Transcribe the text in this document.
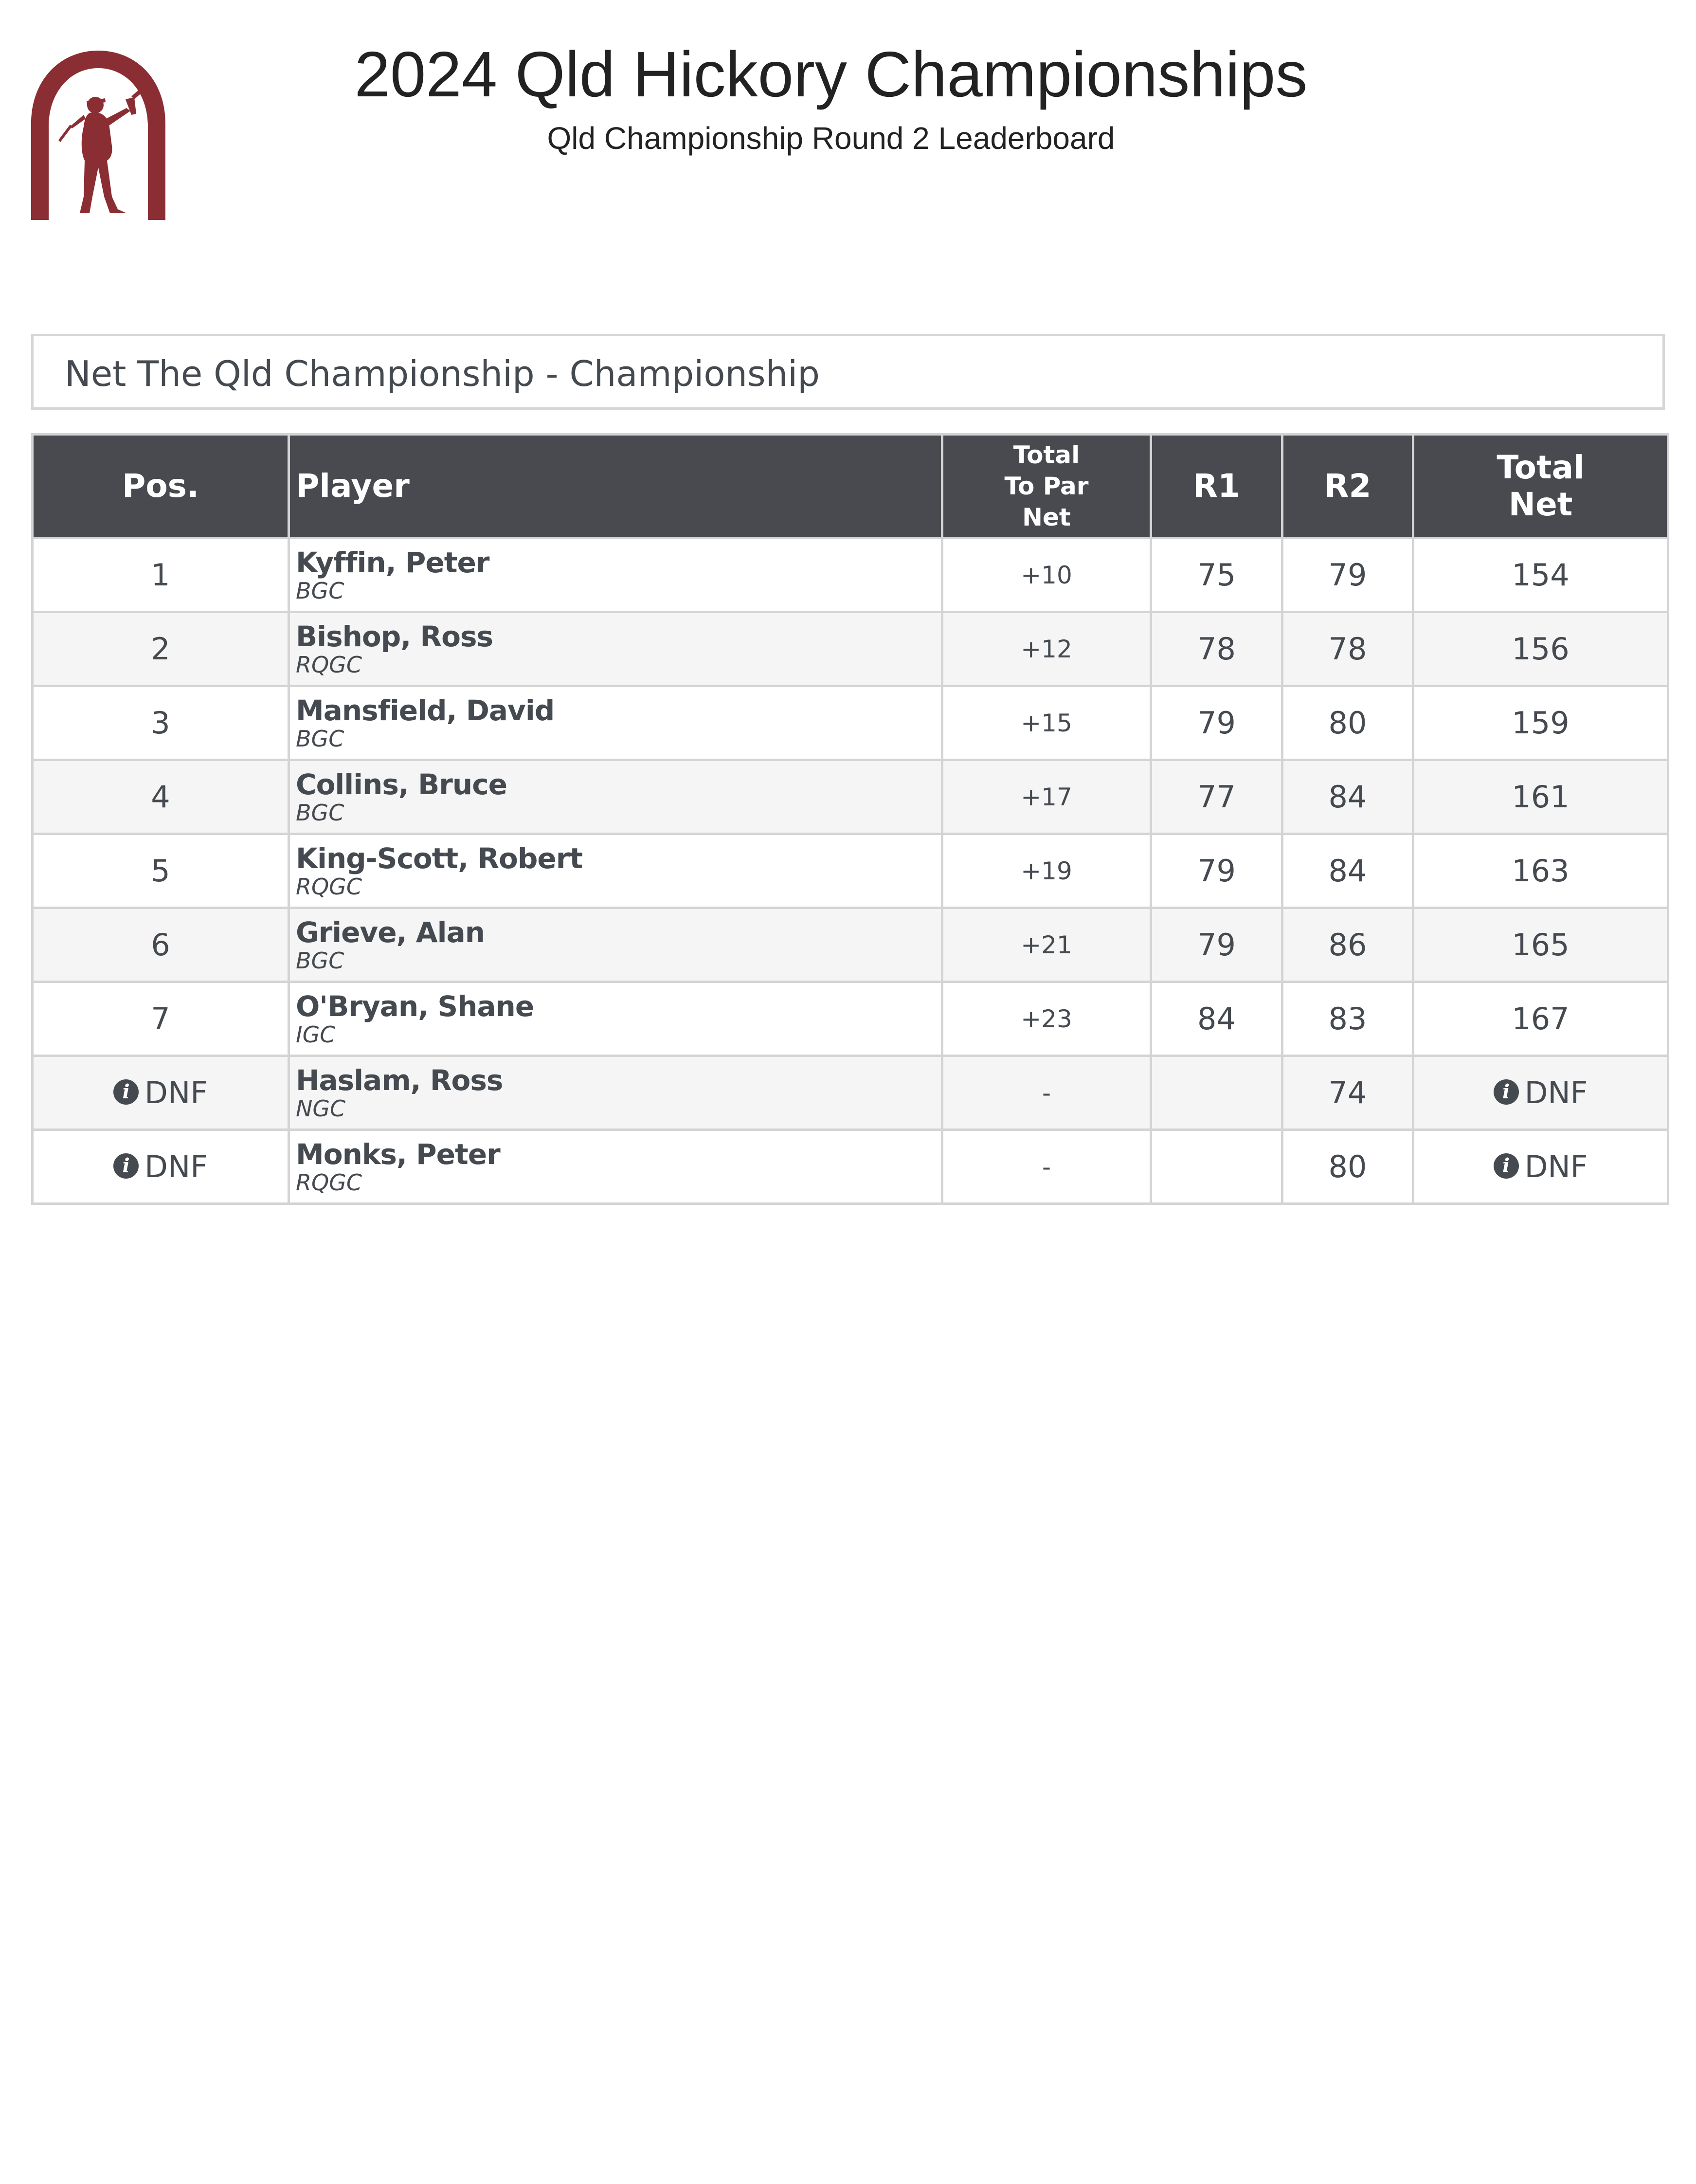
2024 Qld Hickory Championships
Qld Championship Round 2 Leaderboard
Net The Qld Championship - Championship
Pos.	Player	Total
To Par
Net	R1	R2	Total
Net
1	Kyffin, Peter
BGC	+10	75	79	154
2	Bishop, Ross
RQGC	+12	78	78	156
3	Mansfield, David
BGC	+15	79	80	159
4	Collins, Bruce
BGC	+17	77	84	161
5	King-Scott, Robert
RQGC	+19	79	84	163
6	Grieve, Alan
BGC	+21	79	86	165
7	O'Bryan, Shane
IGC	+23	84	83	167
i DNF	Haslam, Ross
NGC	-		74	i DNF
i DNF	Monks, Peter
RQGC	-		80	i DNF
